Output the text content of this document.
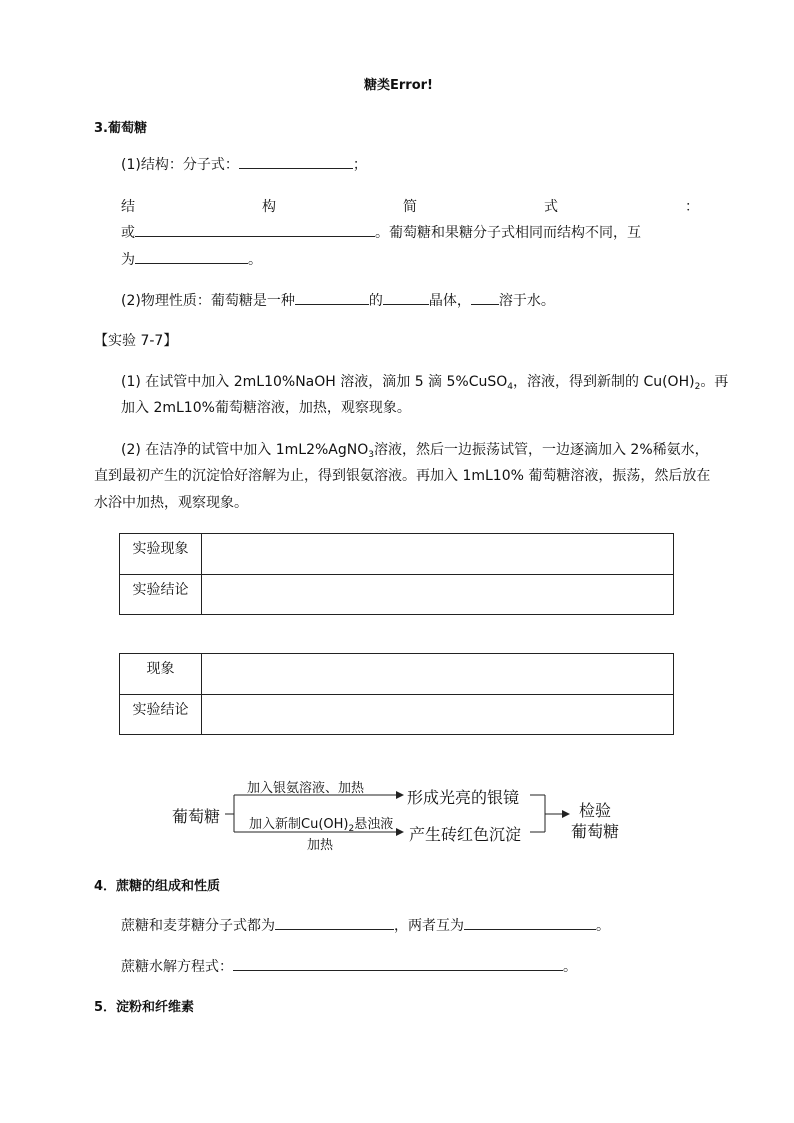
糖类Error!
3.葡萄糖
(1)结构：分子式：	；
结	构	简	式	：
或	。葡萄糖和果糖分子式相同而结构不同，互
为	。
(2)物理性质：葡萄糖是一种	的	晶体， 溶于水。
【实验 7-7】
(1) 在试管中加入 2mL10%NaOH 溶液，滴加 5 滴 5%CuSO$_4$，溶液，得到新制的 $Cu(OH)_2$。再
加入 2mL10%葡萄糖溶液，加热，观察现象。
(2) 在洁净的试管中加入 1mL2%AgNO$_3$溶液，然后一边振荡试管，一边逐滴加入 2%稀氨水，
直到最初产生的沉淀恰好溶解为止，得到银氨溶液。再加入 1mL10% 葡萄糖溶液，振荡，然后放在
水浴中加热，观察现象。
实验现象	
实验结论	
现象	
实验结论	
葡萄糖
加入银氨溶液、加热	形成光亮的银镜
加入新制$Cu(OH)_2$悬浊液
加热
产生砖红色沉淀
检验
葡萄糖
4．蔗糖的组成和性质
蔗糖和麦芽糖分子式都为	，两者互为	。
蔗糖水解方程式：	。
5．淀粉和纤维素
